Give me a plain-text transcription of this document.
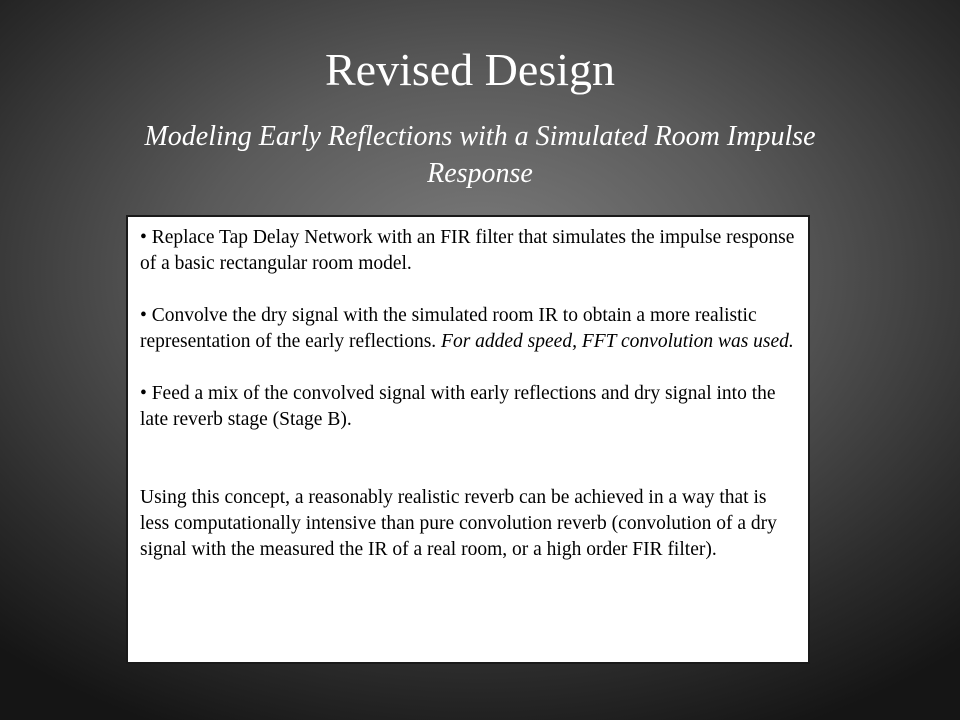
Revised Design
Modeling Early Reflections with a Simulated Room Impulse Response

• Replace Tap Delay Network with an FIR filter that simulates the impulse response of a basic rectangular room model.

• Convolve the dry signal with the simulated room IR to obtain a more realistic representation of the early reflections. For added speed, FFT convolution was used.

• Feed a mix of the convolved signal with early reflections and dry signal into the late reverb stage (Stage B).

Using this concept, a reasonably realistic reverb can be achieved in a way that is less computationally intensive than pure convolution reverb (convolution of a dry signal with the measured the IR of a real room, or a high order FIR filter).
